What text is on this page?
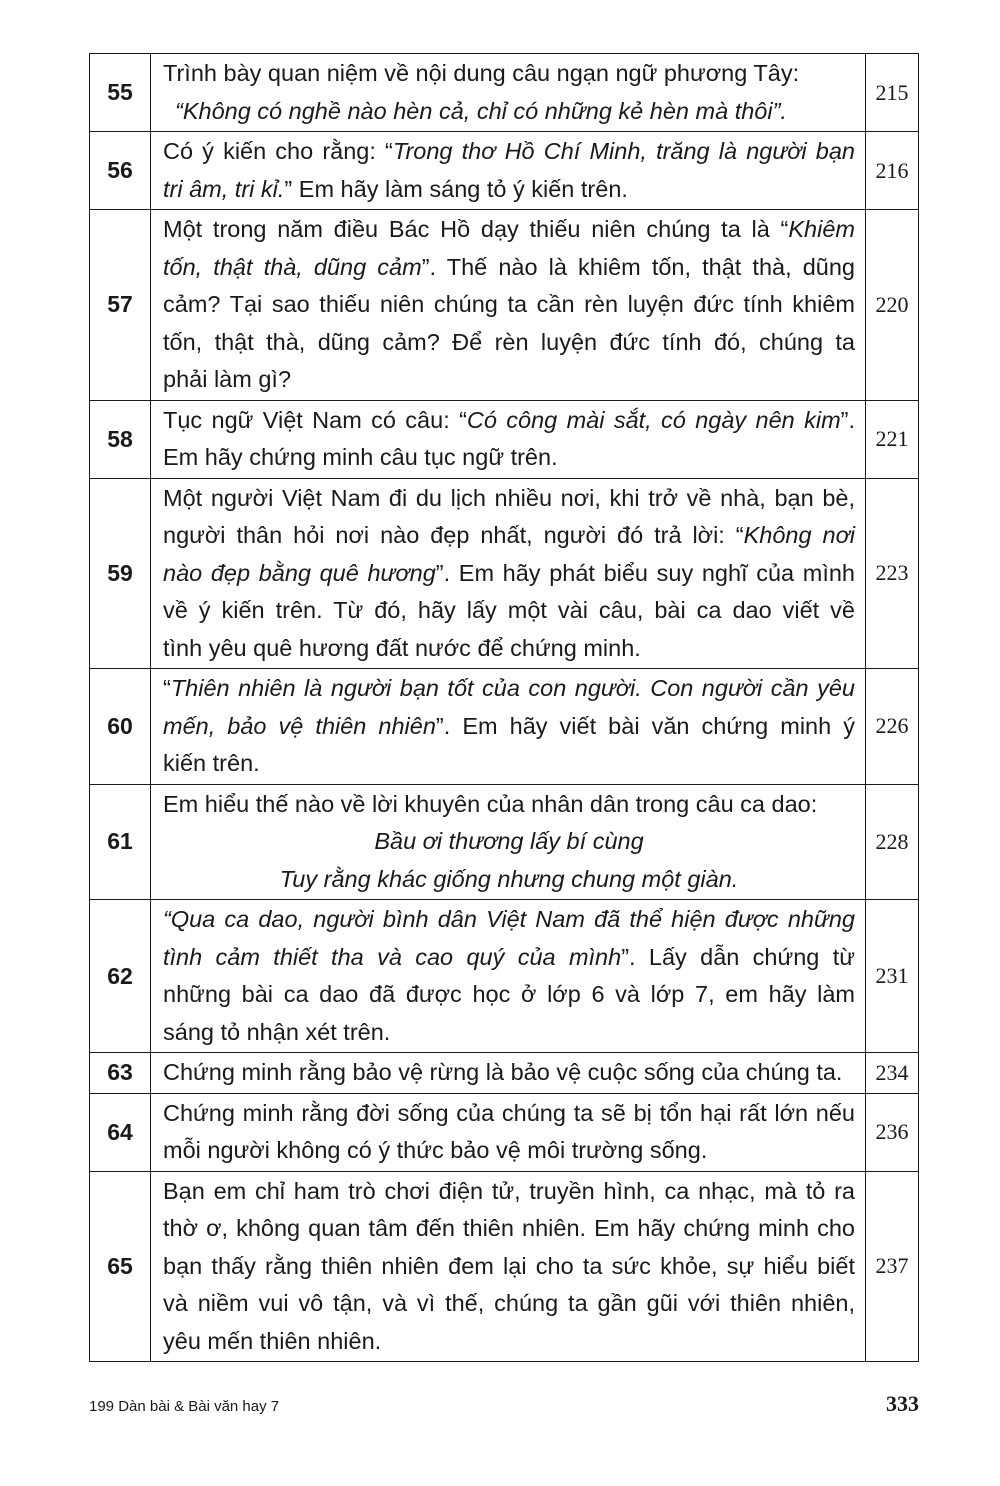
55	Trình bày quan niệm về nội dung câu ngạn ngữ phương Tây:
“Không có nghề nào hèn cả, chỉ có những kẻ hèn mà thôi”.	215
56	Có ý kiến cho rằng: “Trong thơ Hồ Chí Minh, trăng là người bạn
tri âm, tri kỉ.” Em hãy làm sáng tỏ ý kiến trên.	216
57	Một trong năm điều Bác Hồ dạy thiếu niên chúng ta là “Khiêm
tốn, thật thà, dũng cảm”. Thế nào là khiêm tốn, thật thà, dũng
cảm? Tại sao thiếu niên chúng ta cần rèn luyện đức tính khiêm
tốn, thật thà, dũng cảm? Để rèn luyện đức tính đó, chúng ta
phải làm gì?	220
58	Tục ngữ Việt Nam có câu: “Có công mài sắt, có ngày nên kim”.
Em hãy chứng minh câu tục ngữ trên.	221
59	Một người Việt Nam đi du lịch nhiều nơi, khi trở về nhà, bạn bè,
người thân hỏi nơi nào đẹp nhất, người đó trả lời: “Không nơi
nào đẹp bằng quê hương”. Em hãy phát biểu suy nghĩ của mình
về ý kiến trên. Từ đó, hãy lấy một vài câu, bài ca dao viết về
tình yêu quê hương đất nước để chứng minh.	223
60	“Thiên nhiên là người bạn tốt của con người. Con người cần yêu
mến, bảo vệ thiên nhiên”. Em hãy viết bài văn chứng minh ý
kiến trên.	226
61	Em hiểu thế nào về lời khuyên của nhân dân trong câu ca dao:
Bầu ơi thương lấy bí cùng
Tuy rằng khác giống nhưng chung một giàn.	228
62	“Qua ca dao, người bình dân Việt Nam đã thể hiện được những
tình cảm thiết tha và cao quý của mình”. Lấy dẫn chứng từ
những bài ca dao đã được học ở lớp 6 và lớp 7, em hãy làm
sáng tỏ nhận xét trên.	231
63	Chứng minh rằng bảo vệ rừng là bảo vệ cuộc sống của chúng ta.	234
64	Chứng minh rằng đời sống của chúng ta sẽ bị tổn hại rất lớn nếu
mỗi người không có ý thức bảo vệ môi trường sống.	236
65	Bạn em chỉ ham trò chơi điện tử, truyền hình, ca nhạc, mà tỏ ra
thờ ơ, không quan tâm đến thiên nhiên. Em hãy chứng minh cho
bạn thấy rằng thiên nhiên đem lại cho ta sức khỏe, sự hiểu biết
và niềm vui vô tận, và vì thế, chúng ta gần gũi với thiên nhiên,
yêu mến thiên nhiên.	237
199 Dàn bài & Bài văn hay 7	333
